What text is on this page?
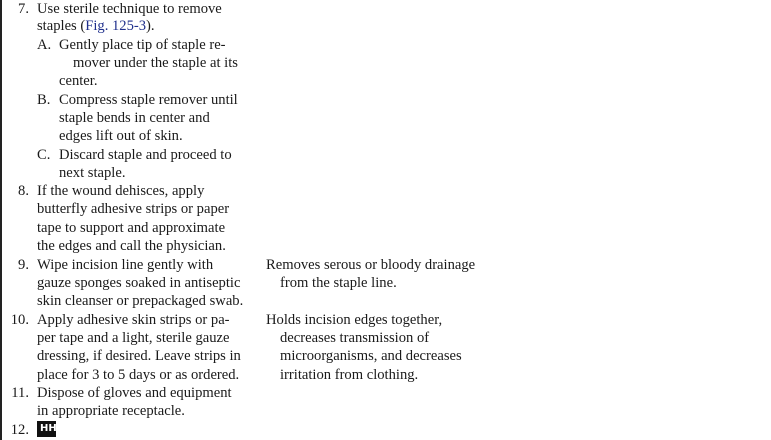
7. Use sterile technique to remove
staples (Fig. 125-3).
A. Gently place tip of staple re-
mover under the staple at its
center.
B. Compress staple remover until
staple bends in center and
edges lift out of skin.
C. Discard staple and proceed to
next staple.
8. If the wound dehisces, apply
butterfly adhesive strips or paper
tape to support and approximate
the edges and call the physician.
9. Wipe incision line gently with
gauze sponges soaked in antiseptic
skin cleanser or prepackaged swab.
Removes serous or bloody drainage
from the staple line.
10. Apply adhesive skin strips or pa-
per tape and a light, sterile gauze
dressing, if desired. Leave strips in
place for 3 to 5 days or as ordered.
Holds incision edges together,
decreases transmission of
microorganisms, and decreases
irritation from clothing.
11. Dispose of gloves and equipment
in appropriate receptacle.
12. HH
